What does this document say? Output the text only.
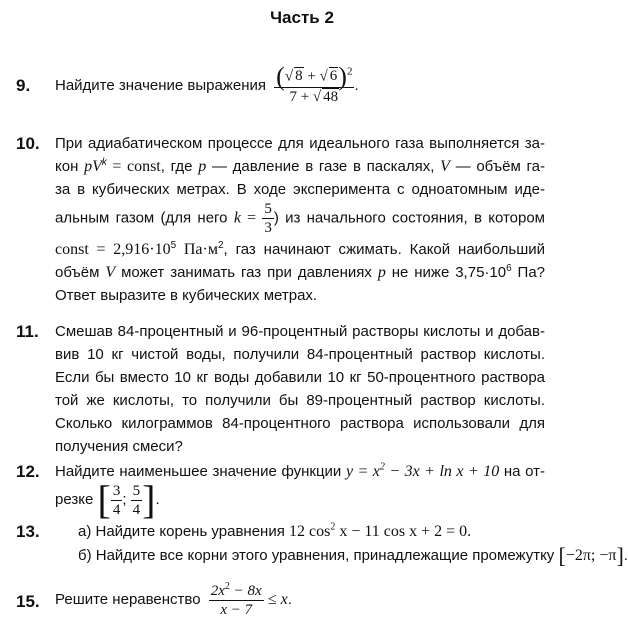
Часть 2
9. Найдите значение выражения $\frac{(√ 8 + √ 6)^2}{7 + √ 48}$ .
10. При адиабатическом процессе для идеального газа выполняется за-
кон $pV^k$ = const, где p — давление в газе в паскалях, V — объём га-
за в кубических метрах. В ходе эксперимента с одноатомным иде-
альным газом (для него $k = \frac{5}{3}$ ) из начального состояния, в котором
const = $2,916\cdot 10^5$ $Па\cdot м^2$, газ начинают сжимать. Какой наибольший
объём V может занимать газ при давлениях p не ниже $3,75\cdot 10^6$ Па?
Ответ выразите в кубических метрах.
11. Смешав 84-процентный и 96-процентный растворы кислоты и добав-
вив 10 кг чистой воды, получили 84-процентный раствор кислоты.
Если бы вместо 10 кг воды добавили 10 кг 50-процентного раствора
той же кислоты, то получили бы 89-процентный раствор кислоты.
Сколько килограммов 84-процентного раствора использовали для
получения смеси?
12. Найдите наименьшее значение функции $y = x^2 - 3x + \ln x + 10$ на от-
резке [ $\frac{3}{4}$ ; $\frac{5}{4}$ ].
13.	а) Найдите корень уравнения 12 $\cos^2 x - 11$ cos x + 2 = 0.
б) Найдите все корни этого уравнения, принадлежащие промежутку [−2π; −π].
15. Решите неравенство $\frac{2x^2 - 8x}{x - 7} \le x$.
